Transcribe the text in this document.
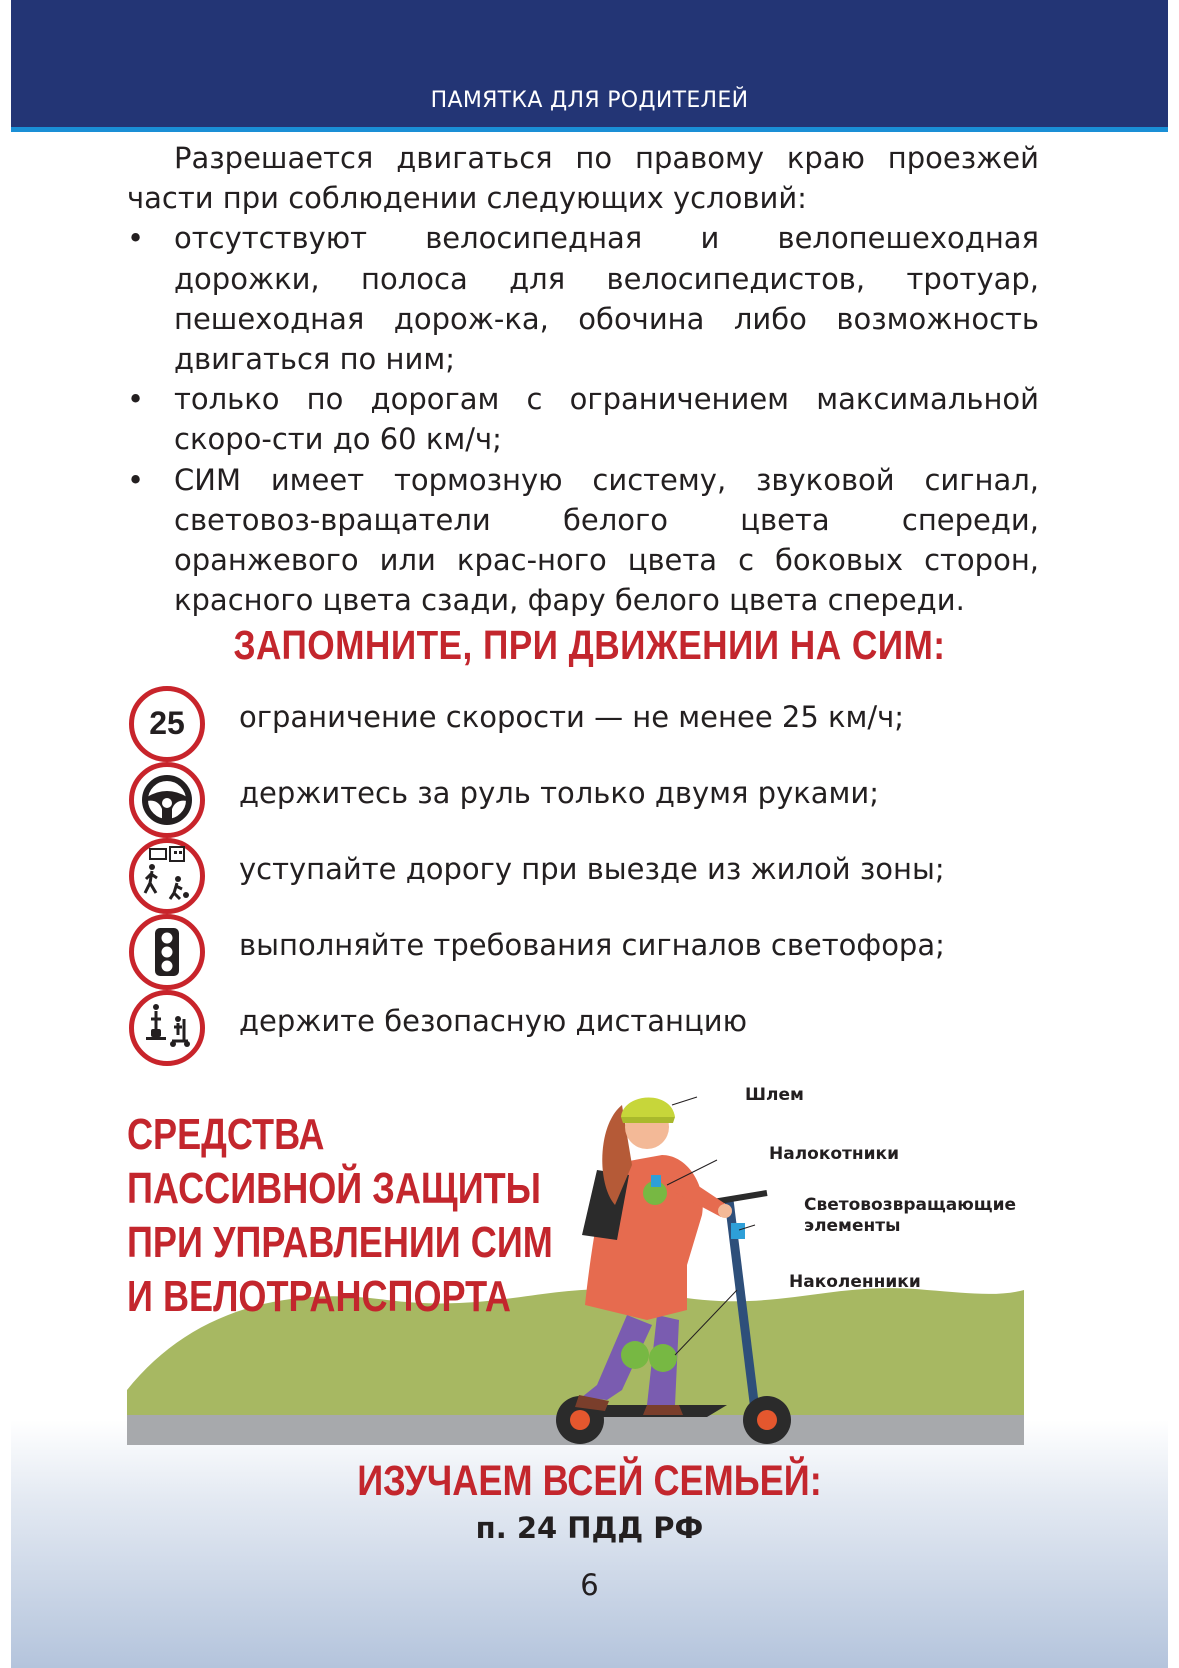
ПАМЯТКА ДЛЯ РОДИТЕЛЕЙ

Разрешается двигаться по правому краю проезжей части при соблюдении следующих условий:

• отсутствуют велосипедная и велопешеходная дорожки, полоса для велосипедистов, тротуар, пешеходная дорож-ка, обочина либо возможность двигаться по ним;
• только по дорогам с ограничением максимальной скоро-сти до 60 км/ч;
• СИМ имеет тормозную систему, звуковой сигнал, световоз-вращатели белого цвета спереди, оранжевого или крас-ного цвета с боковых сторон, красного цвета сзади, фару белого цвета спереди.
ЗАПОМНИТЕ, ПРИ ДВИЖЕНИИ НА СИМ:
25	ограничение скорости — не менее 25 км/ч;
держитесь за руль только двумя руками;
уступайте дорогу при выезде из жилой зоны;
выполняйте требования сигналов светофора;
держите безопасную дистанцию
Шлем
Налокотники
Световозвращающие
элементы
Наколенники
СРЕДСТВА
ПАССИВНОЙ ЗАЩИТЫ
ПРИ УПРАВЛЕНИИ СИМ
И ВЕЛОТРАНСПОРТА
ИЗУЧАЕМ ВСЕЙ СЕМЬЕЙ:
п. 24 ПДД РФ
6
